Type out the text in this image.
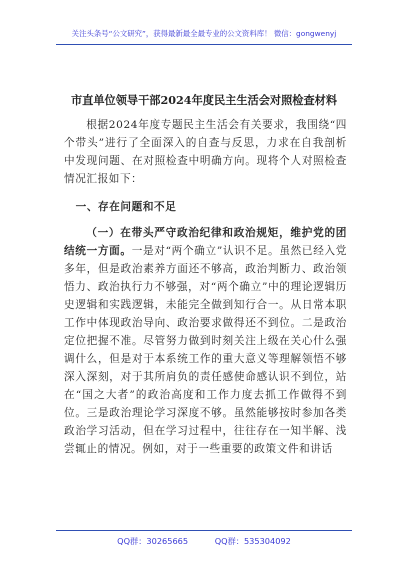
关注头条号“公文研究”，获得最新最全最专业的公文资料库！ 微信：gongwenyj
市直单位领导干部2024年度民主生活会对照检查材料

根据2024年度专题民主生活会有关要求，我围绕“四个带头”进行了全面深入的自查与反思，力求在自我剖析中发现问题、在对照检查中明确方向。现将个人对照检查情况汇报如下：

一、存在问题和不足

（一）在带头严守政治纪律和政治规矩，维护党的团结统一方面。一是对“两个确立”认识不足。虽然已经入党多年，但是政治素养方面还不够高，政治判断力、政治领悟力、政治执行力不够强，对“两个确立”中的理论逻辑历史逻辑和实践逻辑，未能完全做到知行合一。从日常本职工作中体现政治导向、政治要求做得还不到位。二是政治定位把握不准。尽管努力做到时刻关注上级在关心什么强调什么，但是对于本系统工作的重大意义等理解领悟不够深入深刻，对于其所肩负的责任感使命感认识不到位，站在“国之大者”的政治高度和工作力度去抓工作做得不到位。三是政治理论学习深度不够。虽然能够按时参加各类政治学习活动，但在学习过程中，往往存在一知半解、浅尝辄止的情况。例如，对于一些重要的政策文件和讲话

QQ群：30265665	QQ群：535304092
